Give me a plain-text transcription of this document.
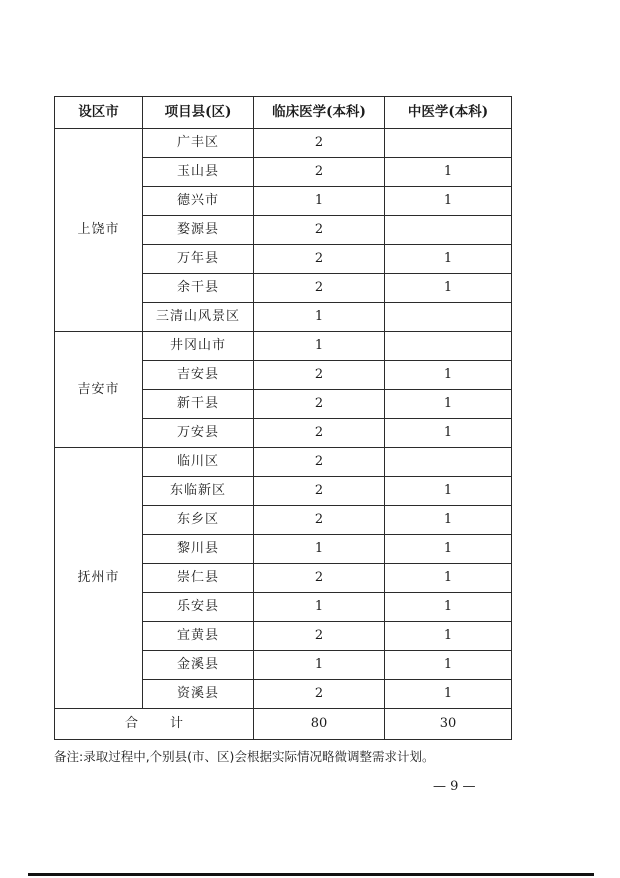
设区市	项目县(区)	临床医学(本科)	中医学(本科)
上饶市	广丰区	2	
	玉山县	2	1
	德兴市	1	1
	婺源县	2	
	万年县	2	1
	余干县	2	1
	三清山风景区	1	
吉安市	井冈山市	1	
	吉安县	2	1
	新干县	2	1
	万安县	2	1
抚州市	临川区	2	
	东临新区	2	1
	东乡区	2	1
	黎川县	1	1
	崇仁县	2	1
	乐安县	1	1
	宜黄县	2	1
	金溪县	1	1
	资溪县	2	1
合计		80	30
备注:录取过程中,个别县(市、区)会根据实际情况略微调整需求计划。
— 9 —
